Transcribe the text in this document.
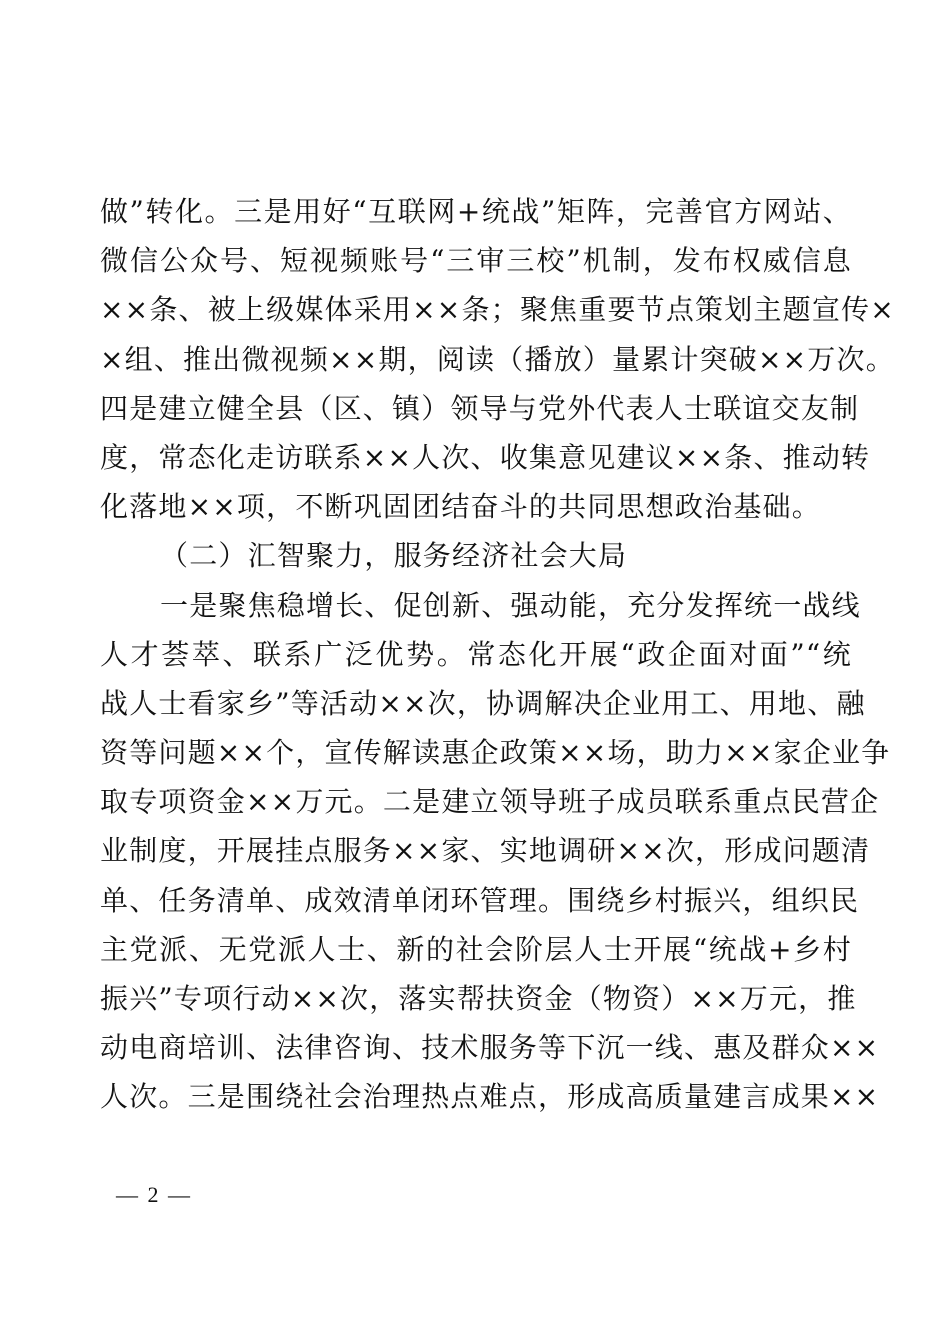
做”转化。三是用好“互联网+统战”矩阵，完善官方网站、
微信公众号、短视频账号“三审三校”机制，发布权威信息
××条、被上级媒体采用××条；聚焦重要节点策划主题宣传×
×组、推出微视频××期，阅读（播放）量累计突破××万次。
四是建立健全县（区、镇）领导与党外代表人士联谊交友制
度，常态化走访联系××人次、收集意见建议××条、推动转
化落地××项，不断巩固团结奋斗的共同思想政治基础。
（二）汇智聚力，服务经济社会大局
一是聚焦稳增长、促创新、强动能，充分发挥统一战线
人才荟萃、联系广泛优势。常态化开展“政企面对面”“统
战人士看家乡”等活动××次，协调解决企业用工、用地、融
资等问题××个，宣传解读惠企政策××场，助力××家企业争
取专项资金××万元。二是建立领导班子成员联系重点民营企
业制度，开展挂点服务××家、实地调研××次，形成问题清
单、任务清单、成效清单闭环管理。围绕乡村振兴，组织民
主党派、无党派人士、新的社会阶层人士开展“统战+乡村
振兴”专项行动××次，落实帮扶资金（物资）××万元，推
动电商培训、法律咨询、技术服务等下沉一线、惠及群众××
人次。三是围绕社会治理热点难点，形成高质量建言成果××
— 2 —
